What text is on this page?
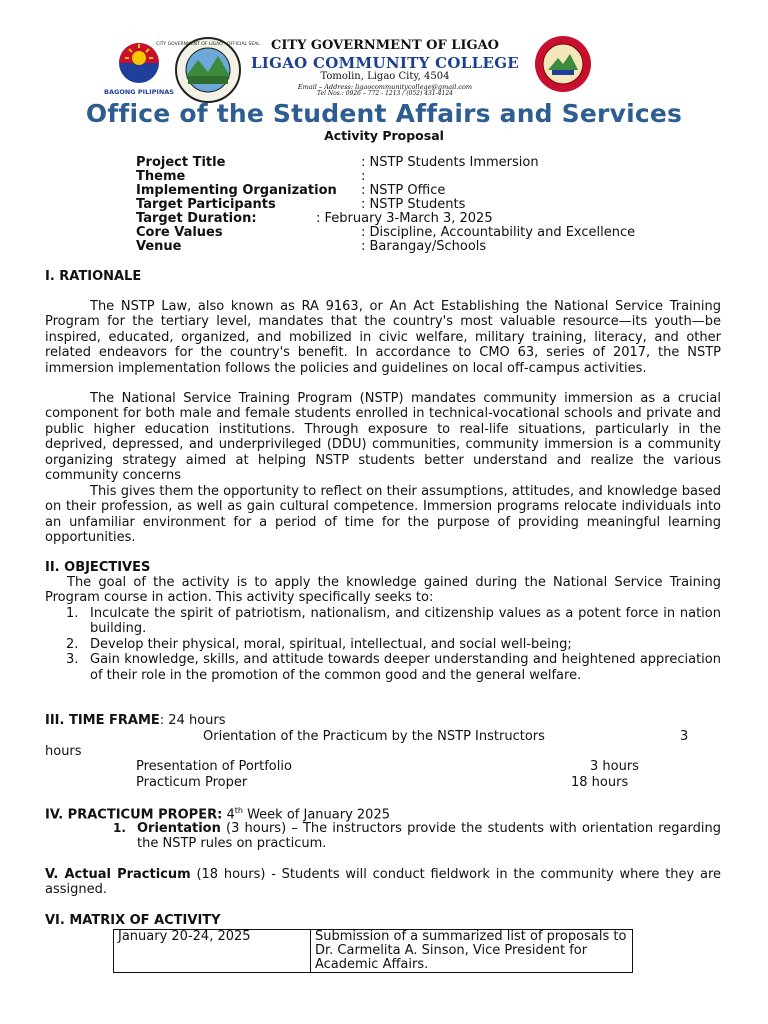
BAGONG PILIPINAS
CITY GOVERNMENT OF LIGAO · OFFICIAL SEAL CITY GOVERNMENT OF LIGAO
LIGAO COMMUNITY COLLEGE
Tomolin, Ligao City, 4504
Email – Address: ligaocommunitycollege@gmail.com
Tel Nos.: 0926 – 772 - 1213 / (052) 431-4124
Office of the Student Affairs and Services
Activity Proposal
Project Title	: NSTP Students Immersion
Theme	:
Implementing Organization : NSTP Office
Target Participants	: NSTP Students
Target Duration:	: February 3-March 3, 2025
Core Values	: Discipline, Accountability and Excellence
Venue	: Barangay/Schools
I. RATIONALE
The NSTP Law, also known as RA 9163, or An Act Establishing the National Service Training Program for the tertiary level, mandates that the country's most valuable resource—its youth—be inspired, educated, organized, and mobilized in civic welfare, military training, literacy, and other related endeavors for the country's benefit. In accordance to CMO 63, series of 2017, the NSTP immersion implementation follows the policies and guidelines on local off-campus activities.
The National Service Training Program (NSTP) mandates community immersion as a crucial component for both male and female students enrolled in technical-vocational schools and private and public higher education institutions. Through exposure to real-life situations, particularly in the deprived, depressed, and underprivileged (DDU) communities, community immersion is a community organizing strategy aimed at helping NSTP students better understand and realize the various community concerns
This gives them the opportunity to reflect on their assumptions, attitudes, and knowledge based on their profession, as well as gain cultural competence. Immersion programs relocate individuals into an unfamiliar environment for a period of time for the purpose of providing meaningful learning opportunities.
II. OBJECTIVES
The goal of the activity is to apply the knowledge gained during the National Service Training Program course in action. This activity specifically seeks to:
1. Inculcate the spirit of patriotism, nationalism, and citizenship values as a potent force in nation building.
2. Develop their physical, moral, spiritual, intellectual, and social well-being;
3. Gain knowledge, skills, and attitude towards deeper understanding and heightened appreciation of their role in the promotion of the common good and the general welfare.
III. TIME FRAME: 24 hours
Orientation of the Practicum by the NSTP Instructors	3
hours
Presentation of Portfolio	3 hours
Practicum Proper	18 hours
IV. PRACTICUM PROPER: 4th Week of January 2025
1. Orientation (3 hours) – The instructors provide the students with orientation regarding the NSTP rules on practicum.
V. Actual Practicum (18 hours) - Students will conduct fieldwork in the community where they are assigned.
VI. MATRIX OF ACTIVITY
January 20-24, 2025	Submission of a summarized list of proposals to Dr. Carmelita A. Sinson, Vice President for Academic Affairs.
